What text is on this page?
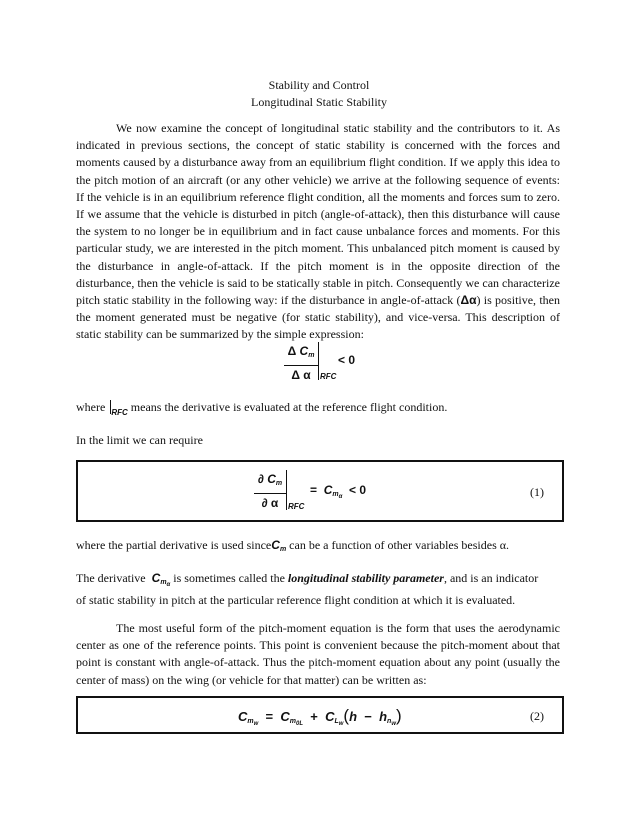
Stability and Control
Longitudinal Static Stability
We now examine the concept of longitudinal static stability and the contributors to it. As indicated in previous sections, the concept of static stability is concerned with the forces and moments caused by a disturbance away from an equilibrium flight condition. If we apply this idea to the pitch motion of an aircraft (or any other vehicle) we arrive at the following sequence of events: If the vehicle is in an equilibrium reference flight condition, all the moments and forces sum to zero. If we assume that the vehicle is disturbed in pitch (angle-of-attack), then this disturbance will cause the system to no longer be in equilibrium and in fact cause unbalance forces and moments. For this particular study, we are interested in the pitch moment. This unbalanced pitch moment is caused by the disturbance in angle-of-attack. If the pitch moment is in the opposite direction of the disturbance, then the vehicle is said to be statically stable in pitch. Consequently we can characterize pitch static stability in the following way: if the disturbance in angle-of-attack (Δα) is positive, then the moment generated must be negative (for static stability), and vice-versa. This description of static stability can be summarized by the simple expression:
Δ $C_m$
Δ α	RFC
< 0
where $_{RFC}$ means the derivative is evaluated at the reference flight condition.
In the limit we can require
∂ $C_m$
∂ α	RFC
= $C_{m\alpha} < 0$	(1)
where the partial derivative is used sinceC$_m$ can be a function of other variables besides α.
The derivative $C_{m\alpha}$ is sometimes called the longitudinal stability parameter, and is an indicator
of static stability in pitch at the particular reference flight condition at which it is evaluated.
The most useful form of the pitch-moment equation is the form that uses the aerodynamic center as one of the reference points. This point is convenient because the pitch-moment about that point is constant with angle-of-attack. Thus the pitch-moment equation about any point (usually the center of mass) on the wing (or vehicle for that matter) can be written as:
$C_{mw} = C_{m0L} + C_{Lw}(h - h_{nw})$	(2)
